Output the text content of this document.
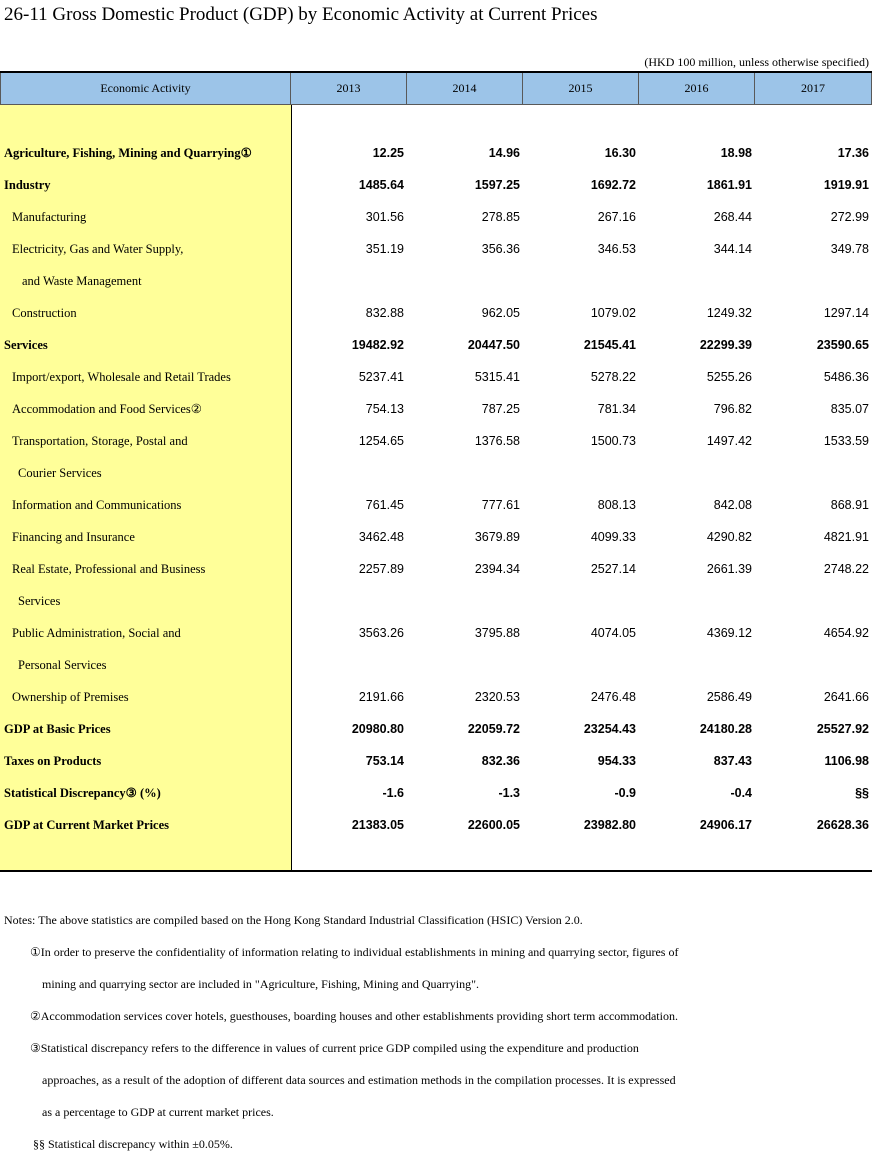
26-11 Gross Domestic Product (GDP) by Economic Activity at Current Prices
(HKD 100 million, unless otherwise specified)
Economic Activity	2013	2014	2015	2016	2017
Agriculture, Fishing, Mining and Quarrying①	12.25	14.96	16.30	18.98	17.36
Industry	1485.64	1597.25	1692.72	1861.91	1919.91
Manufacturing	301.56	278.85	267.16	268.44	272.99
Electricity, Gas and Water Supply,	351.19	356.36	346.53	344.14	349.78
and Waste Management
Construction	832.88	962.05	1079.02	1249.32	1297.14
Services	19482.92	20447.50	21545.41	22299.39	23590.65
Import/export, Wholesale and Retail Trades	5237.41	5315.41	5278.22	5255.26	5486.36
Accommodation and Food Services②	754.13	787.25	781.34	796.82	835.07
Transportation, Storage, Postal and	1254.65	1376.58	1500.73	1497.42	1533.59
Courier Services
Information and Communications	761.45	777.61	808.13	842.08	868.91
Financing and Insurance	3462.48	3679.89	4099.33	4290.82	4821.91
Real Estate, Professional and Business	2257.89	2394.34	2527.14	2661.39	2748.22
Services
Public Administration, Social and	3563.26	3795.88	4074.05	4369.12	4654.92
Personal Services
Ownership of Premises	2191.66	2320.53	2476.48	2586.49	2641.66
GDP at Basic Prices	20980.80	22059.72	23254.43	24180.28	25527.92
Taxes on Products	753.14	832.36	954.33	837.43	1106.98
Statistical Discrepancy③ (%)	-1.6	-1.3	-0.9	-0.4	§§
GDP at Current Market Prices	21383.05	22600.05	23982.80	24906.17	26628.36
Notes: The above statistics are compiled based on the Hong Kong Standard Industrial Classification (HSIC) Version 2.0.
①In order to preserve the confidentiality of information relating to individual establishments in mining and quarrying sector, figures of
mining and quarrying sector are included in "Agriculture, Fishing, Mining and Quarrying".
②Accommodation services cover hotels, guesthouses, boarding houses and other establishments providing short term accommodation.
③Statistical discrepancy refers to the difference in values of current price GDP compiled using the expenditure and production
approaches, as a result of the adoption of different data sources and estimation methods in the compilation processes. It is expressed
as a percentage to GDP at current market prices.
§§ Statistical discrepancy within ±0.05%.
